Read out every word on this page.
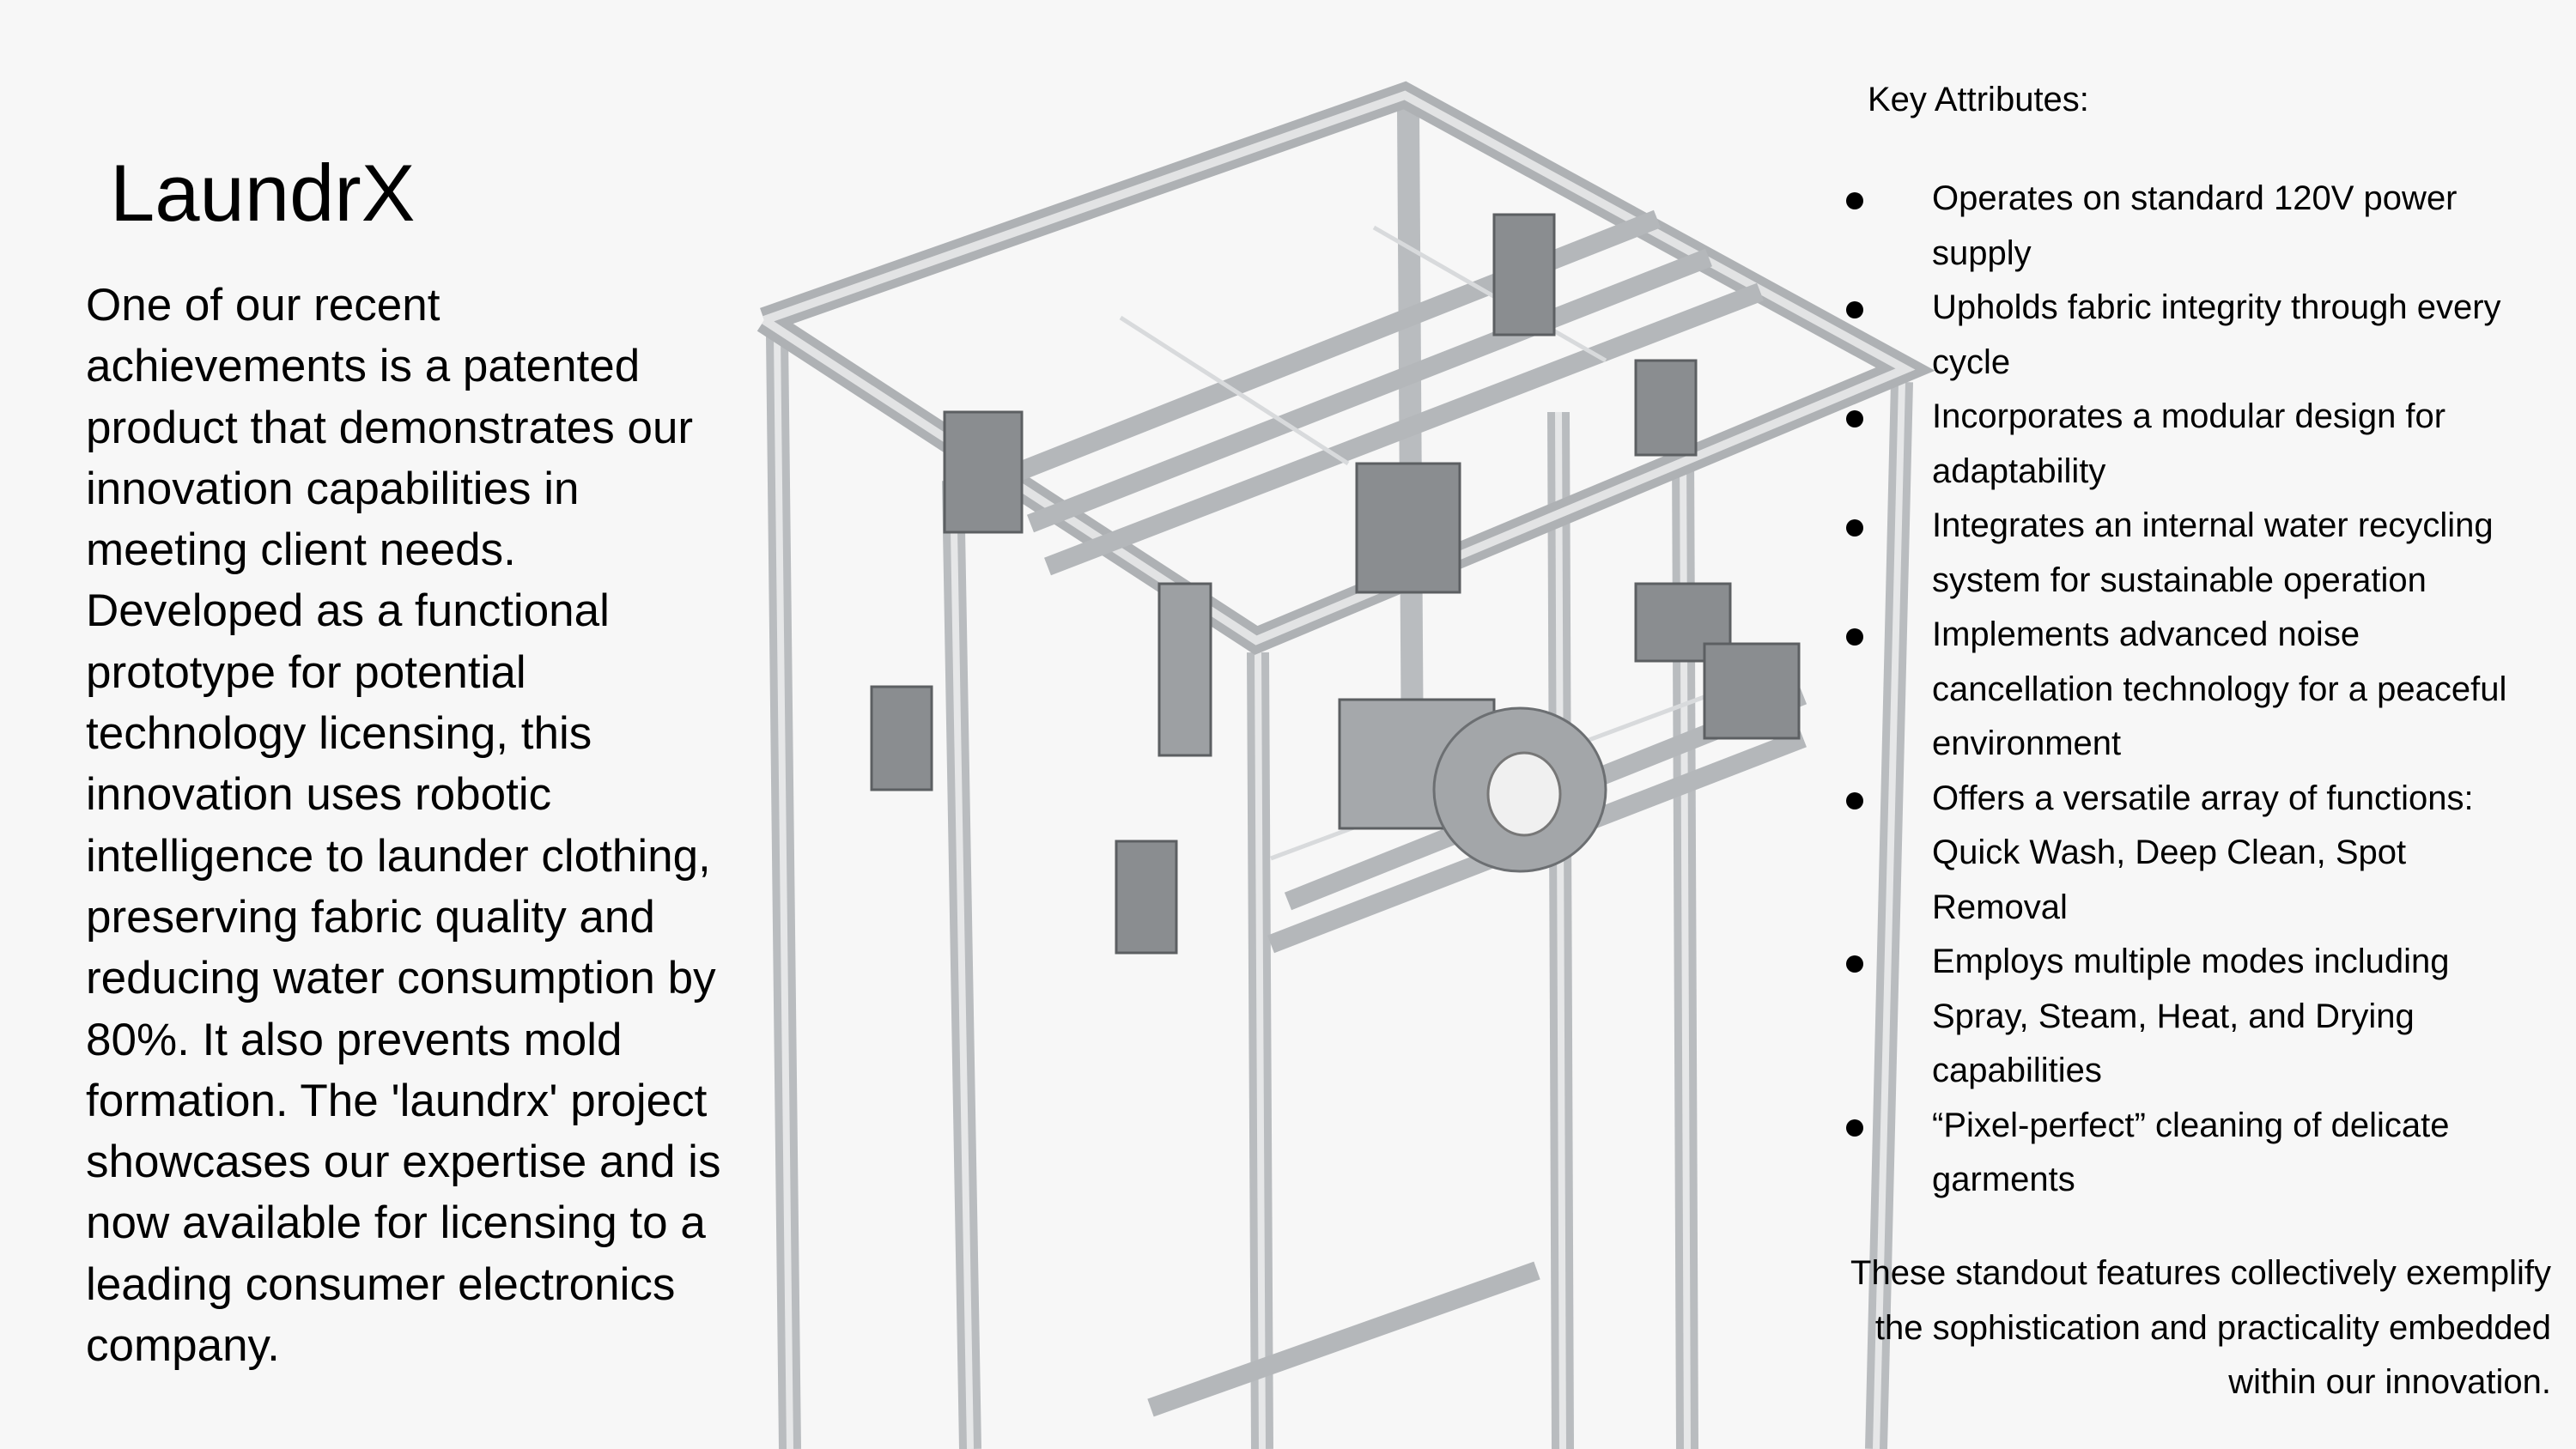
LaundrX
One of our recent
achievements is a patented
product that demonstrates our
innovation capabilities in
meeting client needs.
Developed as a functional
prototype for potential
technology licensing, this
innovation uses robotic
intelligence to launder clothing,
preserving fabric quality and
reducing water consumption by
80%. It also prevents mold
formation. The 'laundrx' project
showcases our expertise and is
now available for licensing to a
leading consumer electronics
company.
Key Attributes:
Operates on standard 120V power
supply
Upholds fabric integrity through every
cycle
Incorporates a modular design for
adaptability
Integrates an internal water recycling
system for sustainable operation
Implements advanced noise
cancellation technology for a peaceful
environment
Offers a versatile array of functions:
Quick Wash, Deep Clean, Spot
Removal
Employs multiple modes including
Spray, Steam, Heat, and Drying
capabilities
“Pixel-perfect” cleaning of delicate
garments
These standout features collectively exemplify
the sophistication and practicality embedded
within our innovation.
